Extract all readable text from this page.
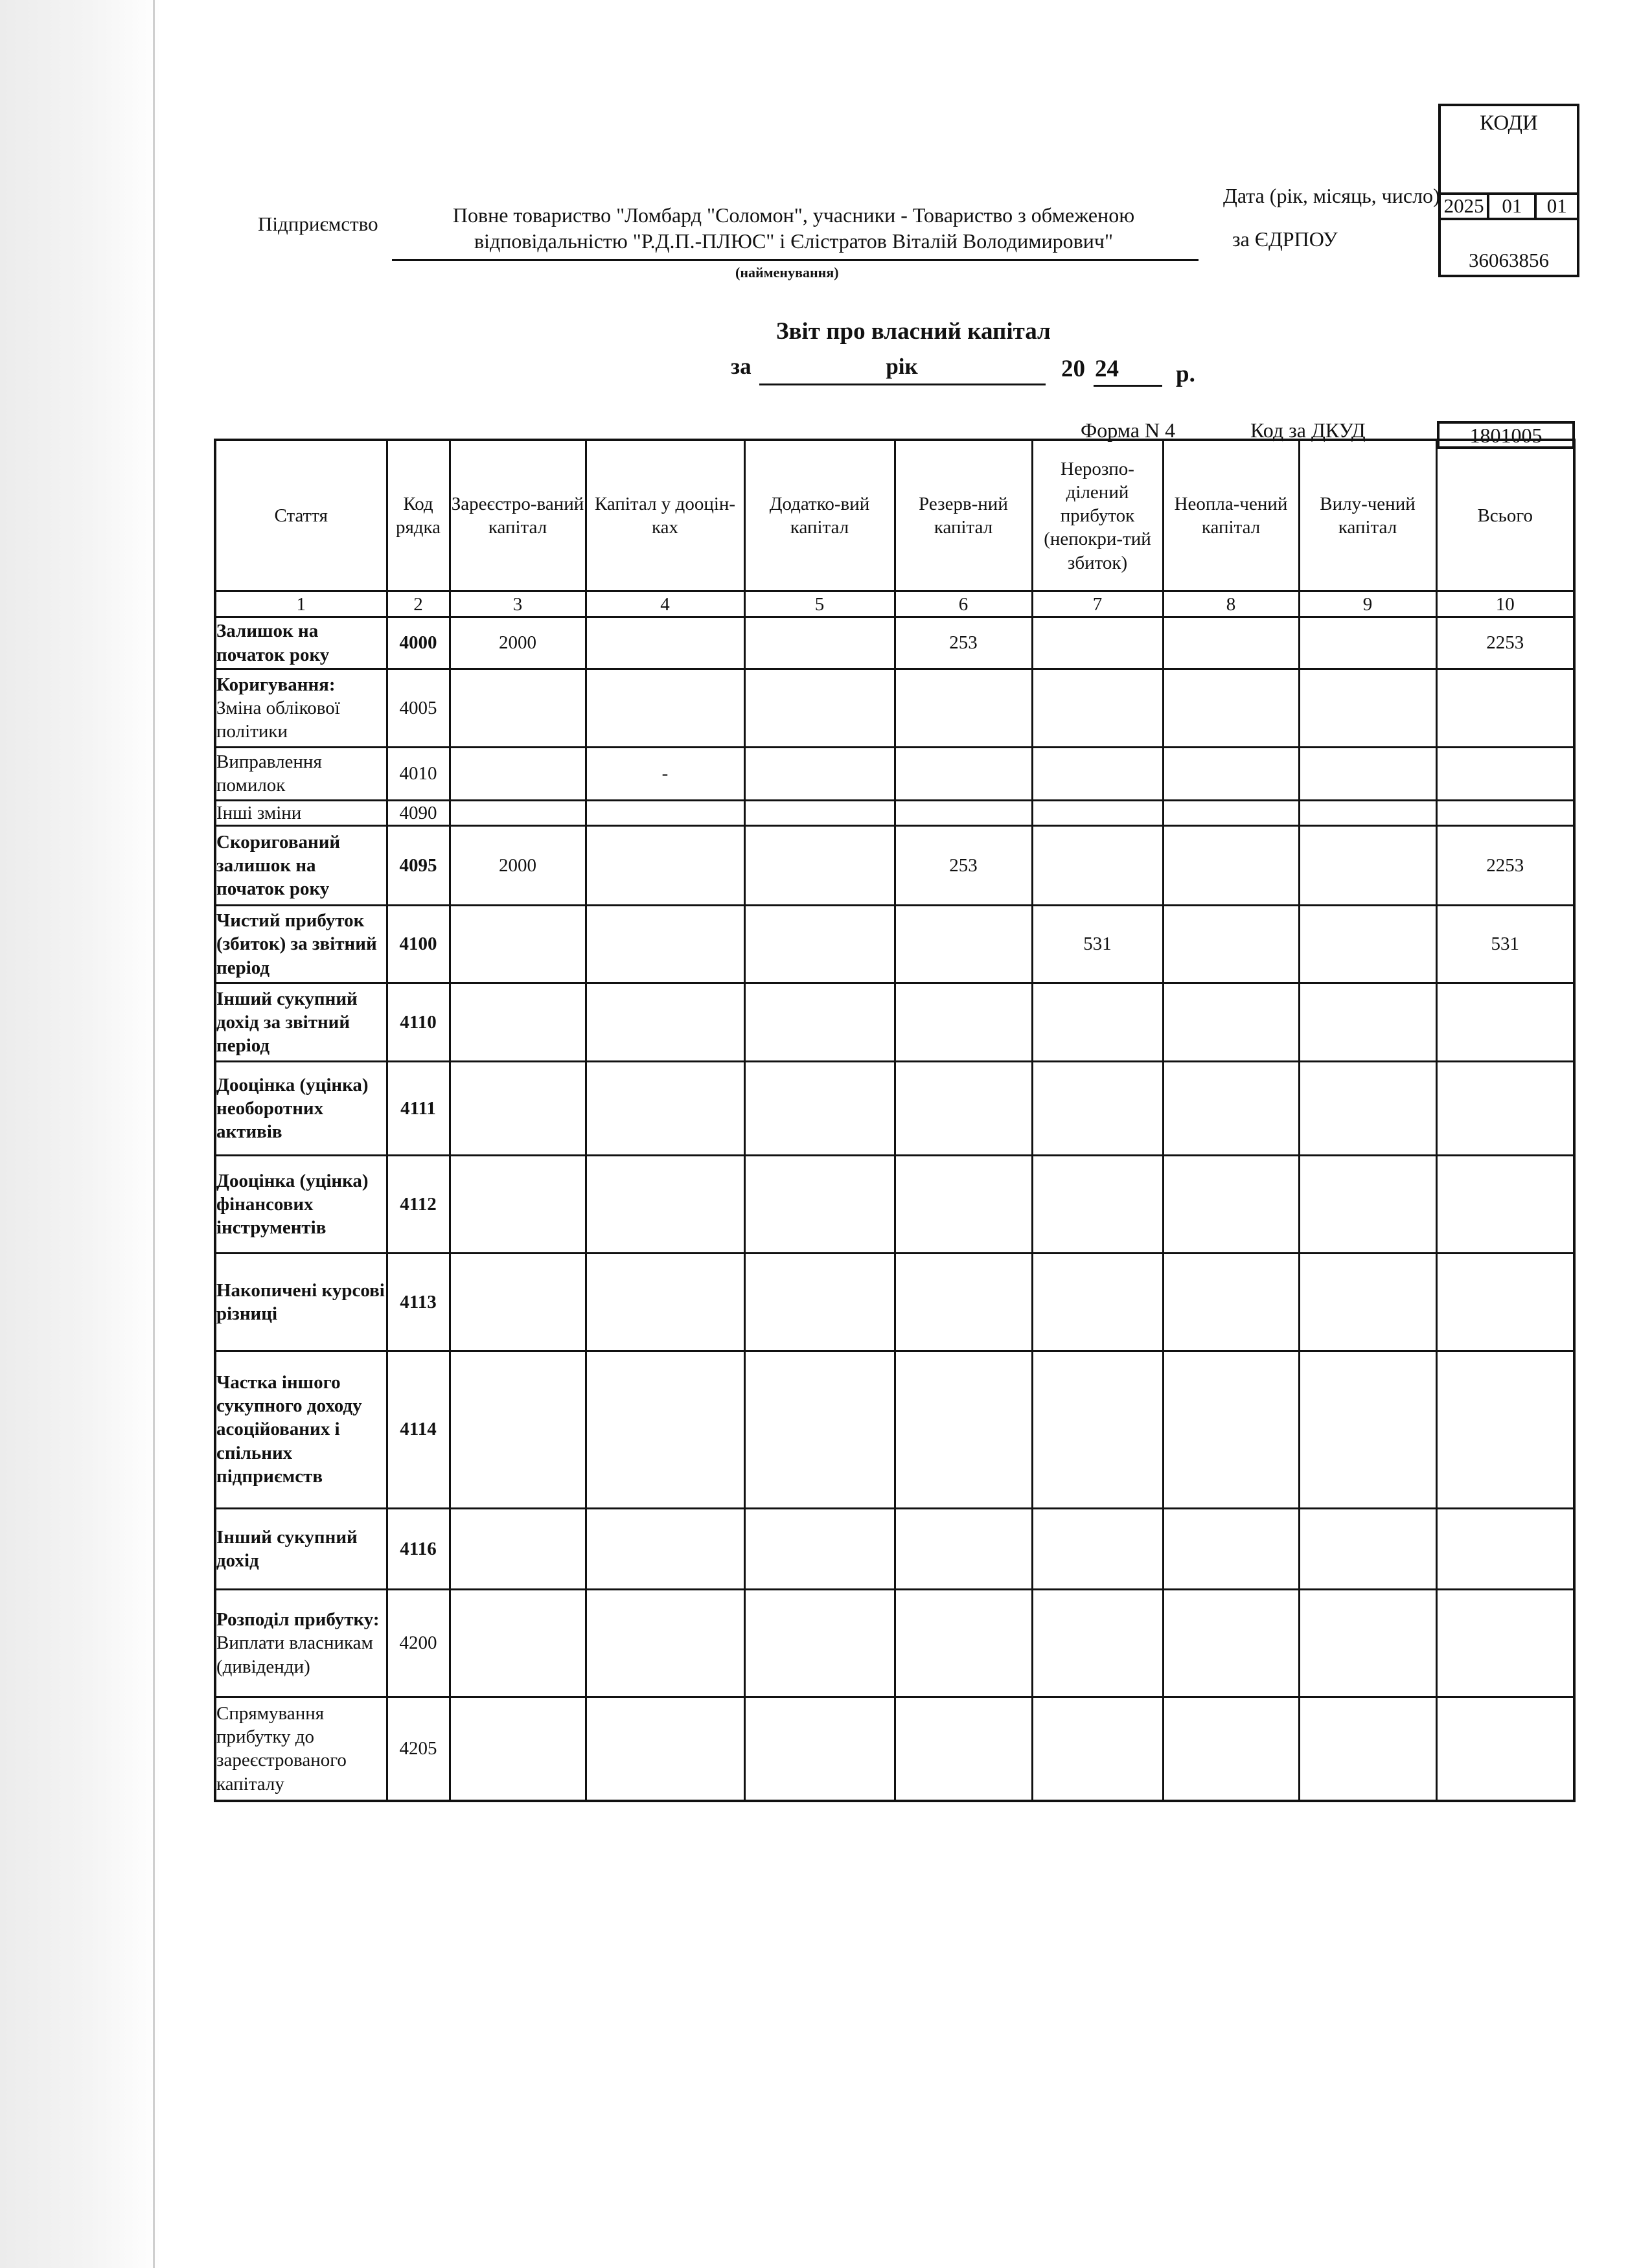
КОДИ
Дата (рік, місяць, число) 2025 01	01
за ЄДРПОУ
36063856
Підприємство	Повне товариство "Ломбард "Соломон", учасники - Товариство з обмеженою
відповідальністю "Р.Д.П.-ПЛЮС" і Єлістратов Віталій Володимирович"
(найменування)
Звіт про власний капітал
за	рік	20 24 р.
Форма N 4	Код за ДКУД	1801005
Стаття	Код рядка	Зареєстро-ваний капітал	Капітал у дооцін-ках	Додатко-вий капітал	Резерв-ний капітал	Нерозпо-ділений прибуток (непокри-тий збиток)	Неопла-чений капітал	Вилу-чений капітал	Всього
1	2	3	4	5	6	7	8	9	10
Залишок на початок року	4000	2000			253				2253

Коригування:
Зміна облікової політики	4005								
Виправлення помилок	4010		-						
Інші зміни	4090								
Скоригований залишок на початок року	4095	2000			253				2253
Чистий прибуток (збиток) за звітний період	4100					531			531
Інший сукупний дохід за звітний період	4110								
Дооцінка (уцінка) необоротних активів	4111								
Дооцінка (уцінка) фінансових інструментів	4112								
Накопичені курсові різниці	4113								
Частка іншого сукупного доходу асоційованих і спільних підприємств	4114								
Інший сукупний дохід	4116								

Розподіл прибутку:
Виплати власникам (дивіденди)	4200								
Спрямування прибутку до зареєстрованого капіталу	4205								
